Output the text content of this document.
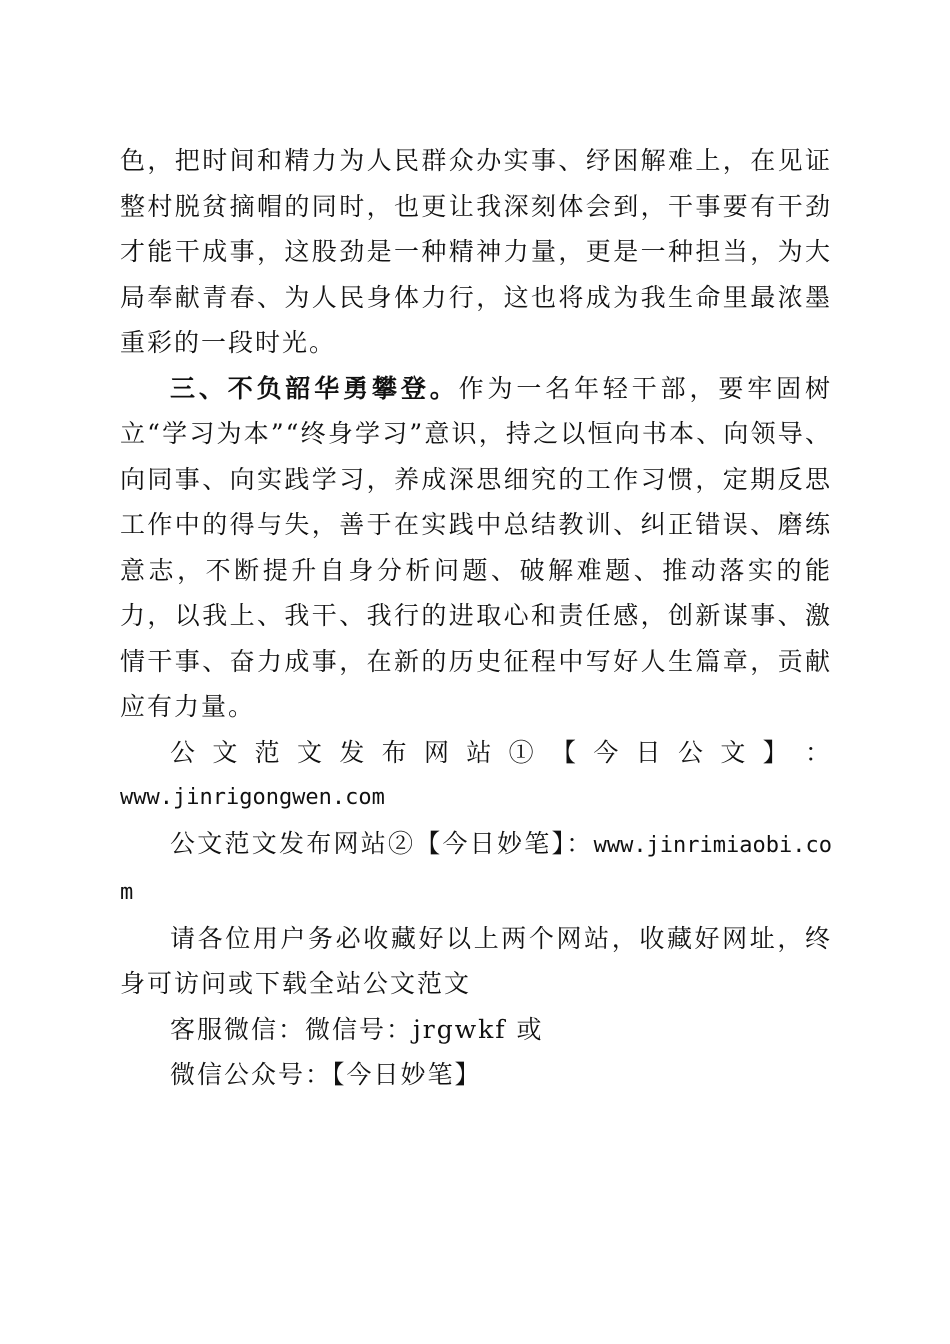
色，把时间和精力为人民群众办实事、纾困解难上，在见证整村脱贫摘帽的同时，也更让我深刻体会到，干事要有干劲才能干成事，这股劲是一种精神力量，更是一种担当，为大局奉献青春、为人民身体力行，这也将成为我生命里最浓墨重彩的一段时光。

三、不负韶华勇攀登。作为一名年轻干部，要牢固树立“学习为本”“终身学习”意识，持之以恒向书本、向领导、向同事、向实践学习，养成深思细究的工作习惯，定期反思工作中的得与失，善于在实践中总结教训、纠正错误、磨练意志，不断提升自身分析问题、破解难题、推动落实的能力，以我上、我干、我行的进取心和责任感，创新谋事、激情干事、奋力成事，在新的历史征程中写好人生篇章，贡献应有力量。

公 文 范 文 发 布 网 站 ① 【 今 日 公 文 】 ：
www.jinrigongwen.com

公文范文发布网站②【今日妙笔】：www.jinrimiaobi.com

请各位用户务必收藏好以上两个网站，收藏好网址，终身可访问或下载全站公文范文

客服微信：微信号：jrgwkf 或

微信公众号：【今日妙笔】
